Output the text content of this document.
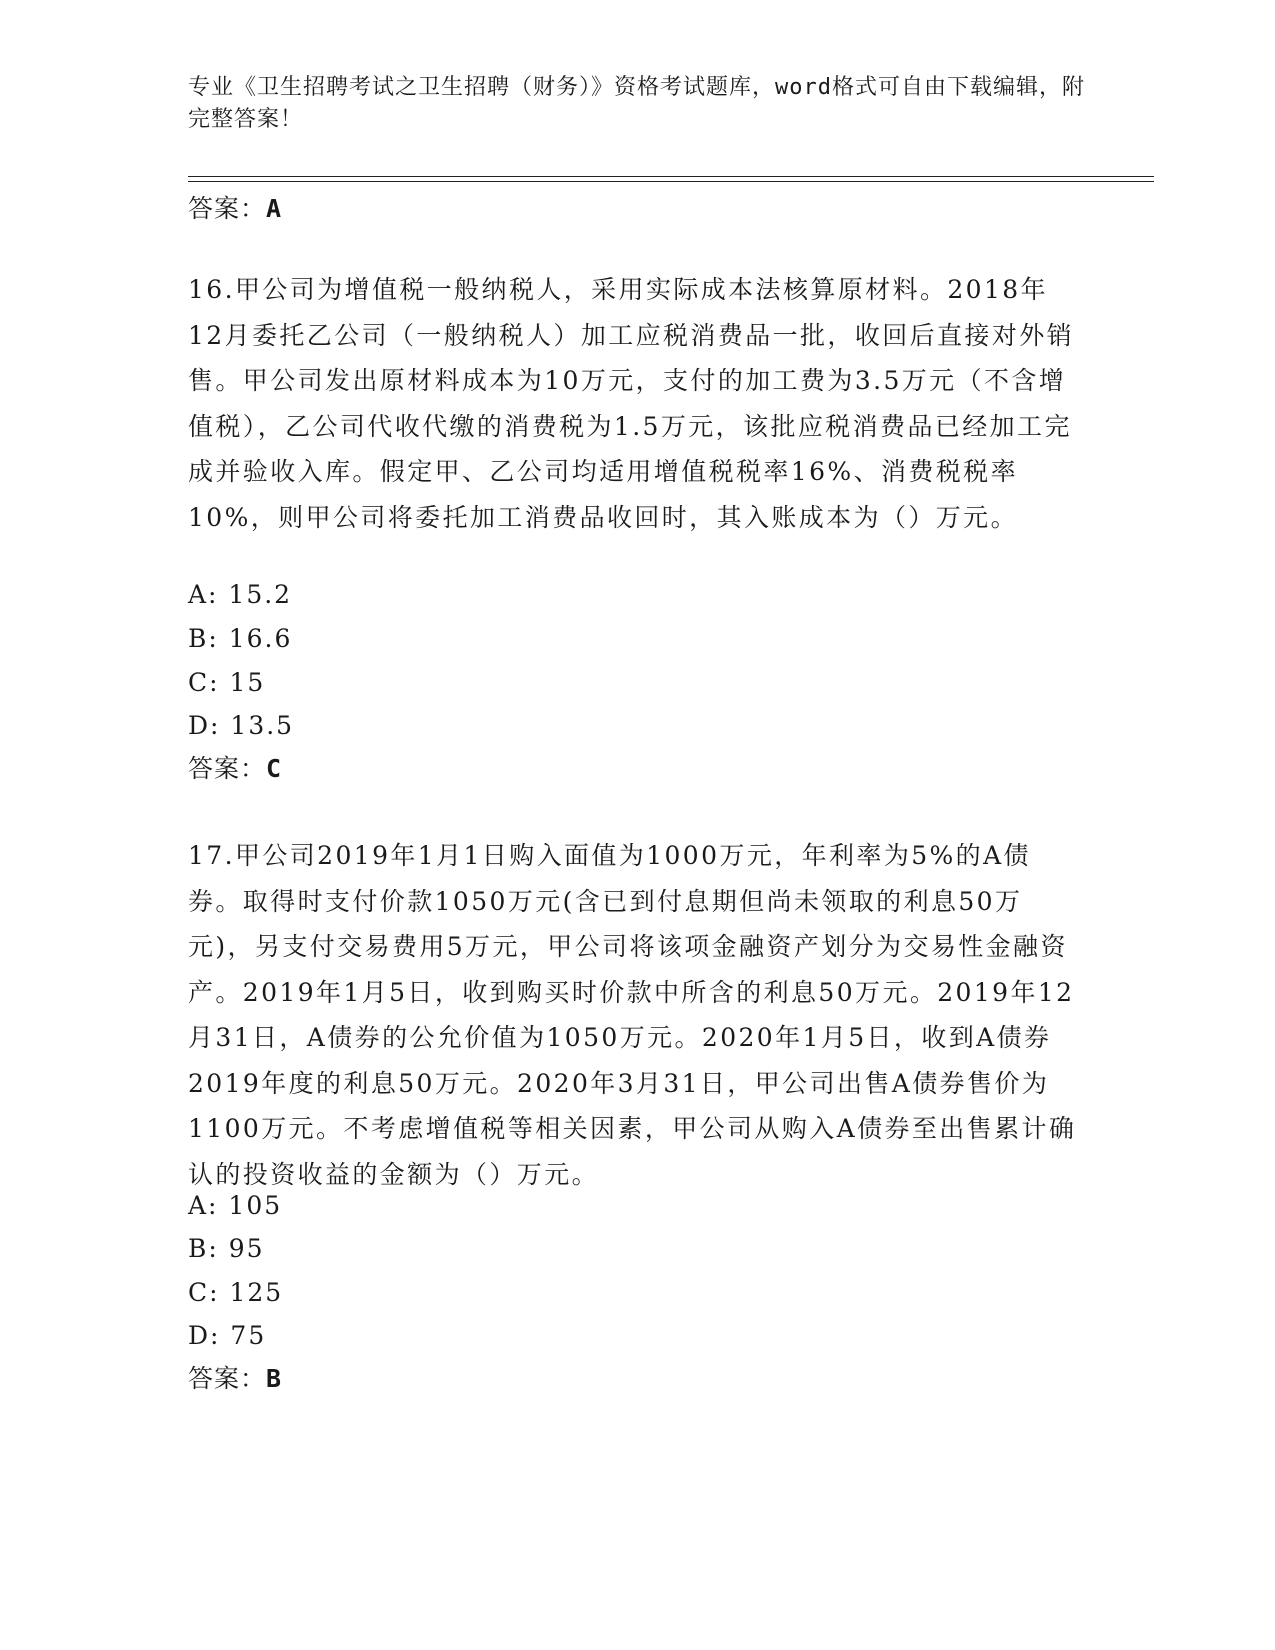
专业《卫生招聘考试之卫生招聘（财务）》资格考试题库，word格式可自由下载编辑，附完整答案！
答案：A
16.甲公司为增值税一般纳税人，采用实际成本法核算原材料。2018年12月委托乙公司（一般纳税人）加工应税消费品一批，收回后直接对外销售。甲公司发出原材料成本为10万元，支付的加工费为3.5万元（不含增值税），乙公司代收代缴的消费税为1.5万元，该批应税消费品已经加工完成并验收入库。假定甲、乙公司均适用增值税税率16%、消费税税率10%，则甲公司将委托加工消费品收回时，其入账成本为（）万元。
A: 15.2
B: 16.6
C: 15
D: 13.5
答案：C
17.甲公司2019年1月1日购入面值为1000万元，年利率为5%的A债券。取得时支付价款1050万元(含已到付息期但尚未领取的利息50万元)，另支付交易费用5万元，甲公司将该项金融资产划分为交易性金融资产。2019年1月5日，收到购买时价款中所含的利息50万元。2019年12月31日，A债券的公允价值为1050万元。2020年1月5日，收到A债券2019年度的利息50万元。2020年3月31日，甲公司出售A债券售价为1100万元。不考虑增值税等相关因素，甲公司从购入A债券至出售累计确认的投资收益的金额为（）万元。
A: 105
B: 95
C: 125
D: 75
答案：B
